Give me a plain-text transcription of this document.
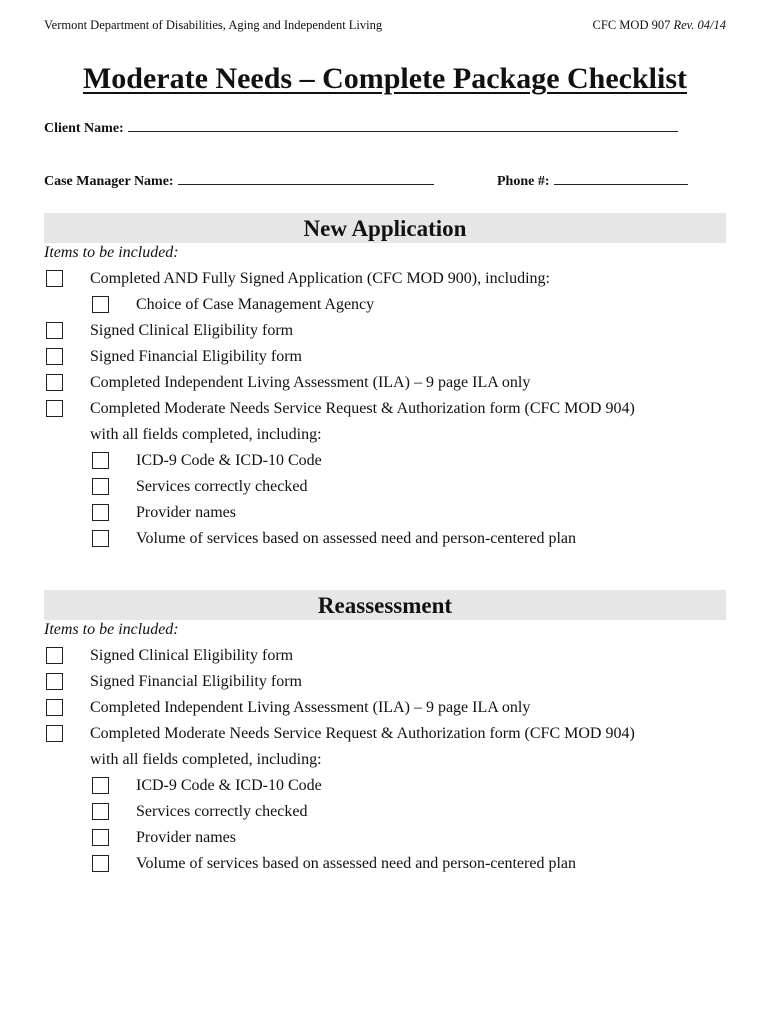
Vermont Department of Disabilities, Aging and Independent Living	CFC MOD 907 Rev. 04/14
Moderate Needs – Complete Package Checklist
Client Name:
Case Manager Name:	Phone #:
New Application
Items to be included:
Completed AND Fully Signed Application (CFC MOD 900), including:
Choice of Case Management Agency
Signed Clinical Eligibility form
Signed Financial Eligibility form
Completed Independent Living Assessment (ILA) – 9 page ILA only
Completed Moderate Needs Service Request & Authorization form (CFC MOD 904)
with all fields completed, including:
ICD-9 Code & ICD-10 Code
Services correctly checked
Provider names
Volume of services based on assessed need and person-centered plan
Reassessment
Items to be included:
Signed Clinical Eligibility form
Signed Financial Eligibility form
Completed Independent Living Assessment (ILA) – 9 page ILA only
Completed Moderate Needs Service Request & Authorization form (CFC MOD 904)
with all fields completed, including:
ICD-9 Code & ICD-10 Code
Services correctly checked
Provider names
Volume of services based on assessed need and person-centered plan
